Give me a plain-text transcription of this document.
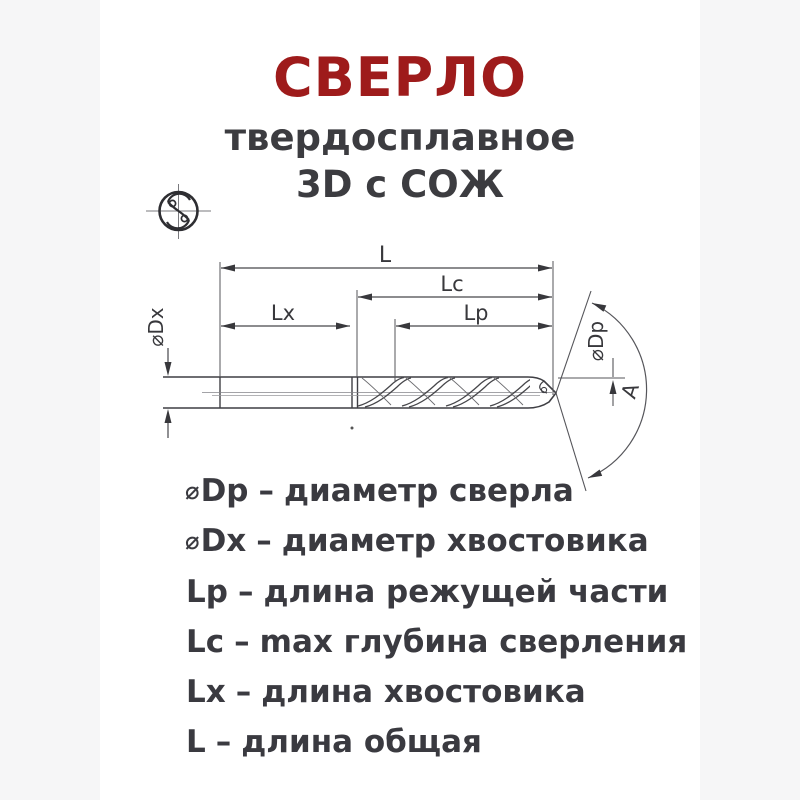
СВЕРЛО
твердосплавное
3D с СОЖ
L
Lc
Lx	Lp
⌀Dx
A
⌀Dp
⌀Dp – диаметр сверла
⌀Dx – диаметр хвостовика
Lp – длина режущей части
Lc – max глубина сверления
Lx – длина хвостовика
L – длина общая
